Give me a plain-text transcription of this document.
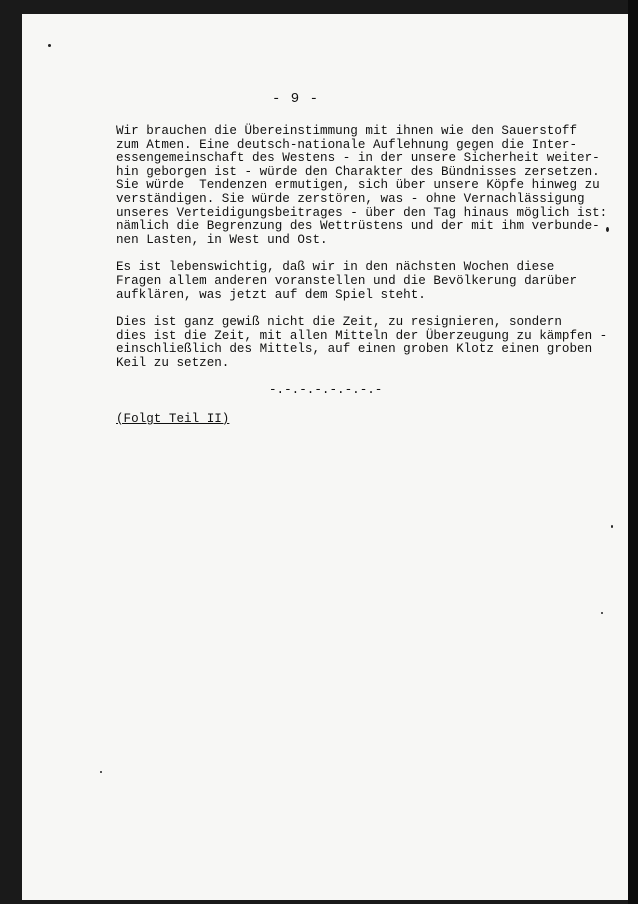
- 9 -
Wir brauchen die Übereinstimmung mit ihnen wie den Sauerstoff
zum Atmen. Eine deutsch-nationale Auflehnung gegen die Inter-
essengemeinschaft des Westens - in der unsere Sicherheit weiter-
hin geborgen ist - würde den Charakter des Bündnisses zersetzen.
Sie würde  Tendenzen ermutigen, sich über unsere Köpfe hinweg zu
verständigen. Sie würde zerstören, was - ohne Vernachlässigung
unseres Verteidigungsbeitrages - über den Tag hinaus möglich ist:
nämlich die Begrenzung des Wettrüstens und der mit ihm verbunde-
nen Lasten, in West und Ost.
Es ist lebenswichtig, daß wir in den nächsten Wochen diese
Fragen allem anderen voranstellen und die Bevölkerung darüber
aufklären, was jetzt auf dem Spiel steht.
Dies ist ganz gewiß nicht die Zeit, zu resignieren, sondern
dies ist die Zeit, mit allen Mitteln der Überzeugung zu kämpfen -
einschließlich des Mittels, auf einen groben Klotz einen groben
Keil zu setzen.
-.-.-.-.-.-.-.-
(Folgt Teil II)
